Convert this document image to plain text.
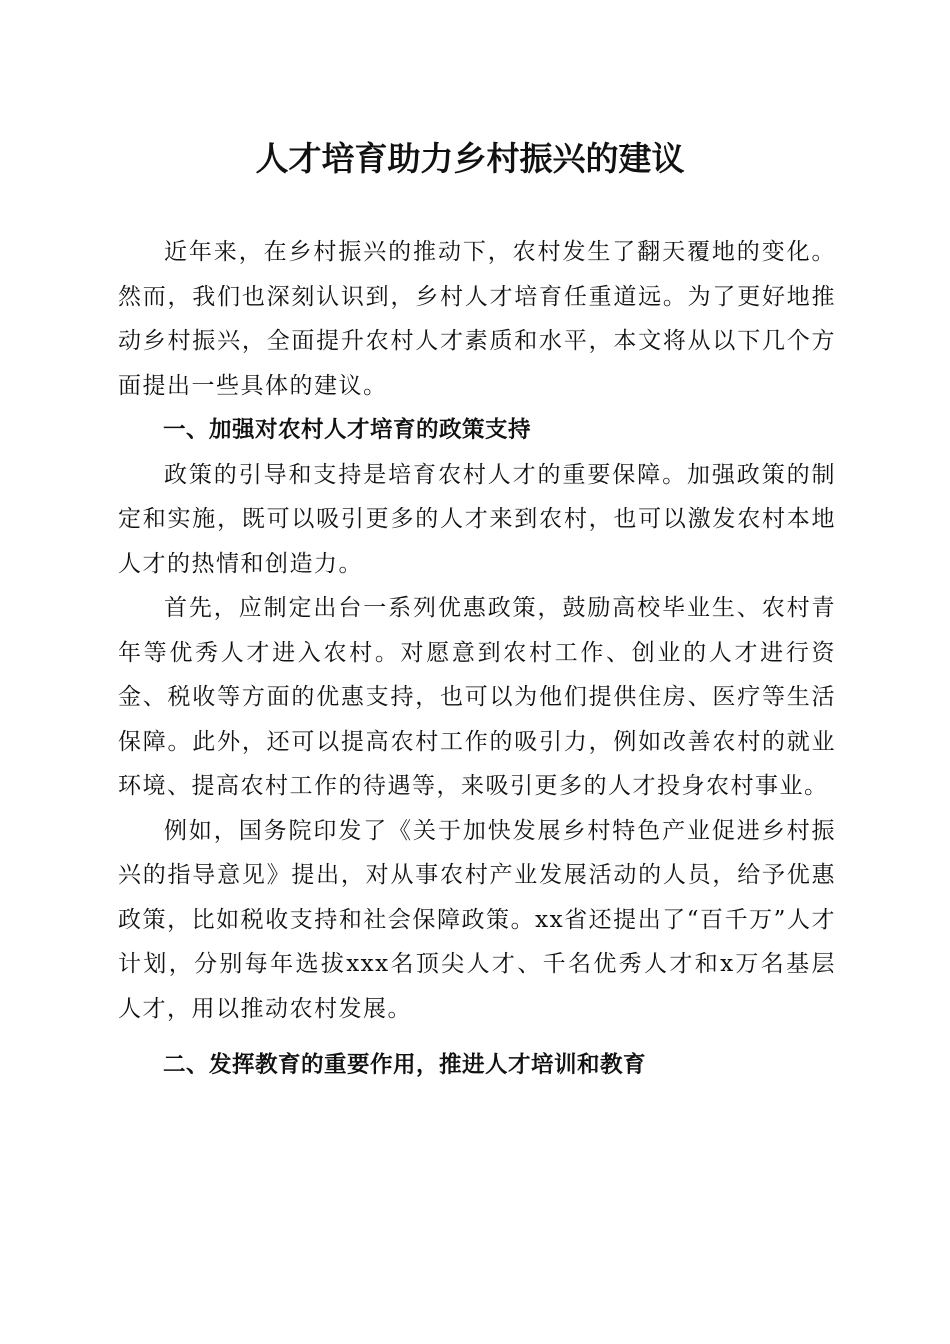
人才培育助力乡村振兴的建议

近年来，在乡村振兴的推动下，农村发生了翻天覆地的变化。然而，我们也深刻认识到，乡村人才培育任重道远。为了更好地推动乡村振兴，全面提升农村人才素质和水平，本文将从以下几个方面提出一些具体的建议。

一、加强对农村人才培育的政策支持

政策的引导和支持是培育农村人才的重要保障。加强政策的制定和实施，既可以吸引更多的人才来到农村，也可以激发农村本地人才的热情和创造力。

首先，应制定出台一系列优惠政策，鼓励高校毕业生、农村青年等优秀人才进入农村。对愿意到农村工作、创业的人才进行资金、税收等方面的优惠支持，也可以为他们提供住房、医疗等生活保障。此外，还可以提高农村工作的吸引力，例如改善农村的就业环境、提高农村工作的待遇等，来吸引更多的人才投身农村事业。

例如，国务院印发了《关于加快发展乡村特色产业促进乡村振兴的指导意见》提出，对从事农村产业发展活动的人员，给予优惠政策，比如税收支持和社会保障政策。xx省还提出了“百千万”人才计划，分别每年选拔xxx名顶尖人才、千名优秀人才和x万名基层人才，用以推动农村发展。

二、发挥教育的重要作用，推进人才培训和教育
